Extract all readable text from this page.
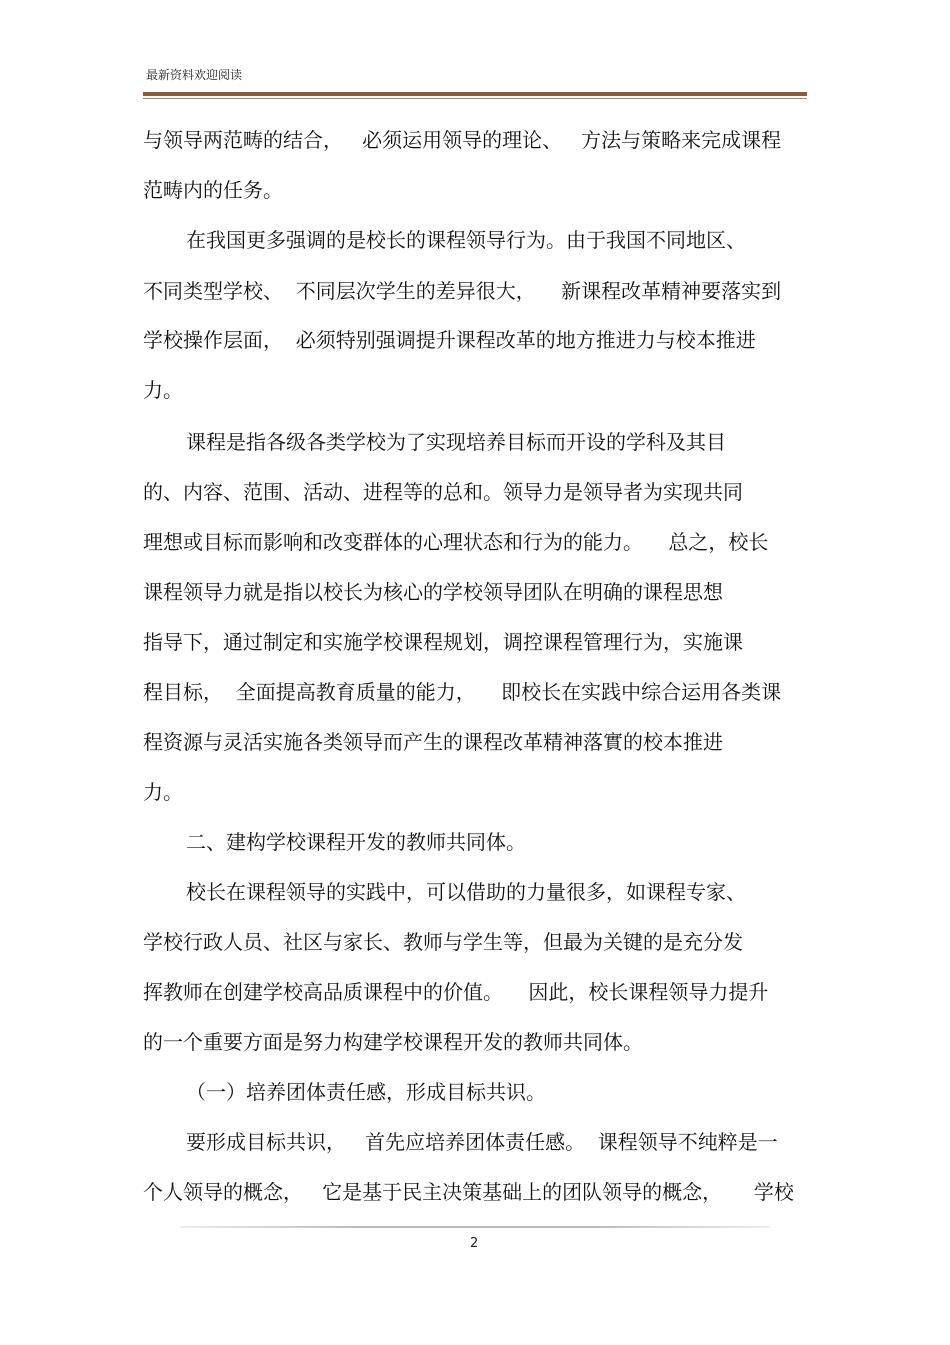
最新资料欢迎阅读
与领导两范畴的结合，   必须运用领导的理论、   方法与策略来完成课程
范畴内的任务。
在我国更多强调的是校长的课程领导行为。由于我国不同地区、
不同类型学校、  不同层次学生的差异很大，    新课程改革精神要落实到
学校操作层面，  必须特别强调提升课程改革的地方推进力与校本推进
力。
课程是指各级各类学校为了实现培养目标而开设的学科及其目
的、内容、范围、活动、进程等的总和。领导力是领导者为实现共同
理想或目标而影响和改变群体的心理状态和行为的能力。    总之，校长
课程领导力就是指以校长为核心的学校领导团队在明确的课程思想
指导下，通过制定和实施学校课程规划，调控课程管理行为，实施课
程目标，  全面提高教育质量的能力，    即校长在实践中综合运用各类课
程资源与灵活实施各类领导而产生的课程改革精神落實的校本推进
力。
二、建构学校课程开发的教师共同体。
校长在课程领导的实践中，可以借助的力量很多，如课程专家、
学校行政人员、社区与家长、教师与学生等，但最为关键的是充分发
挥教师在创建学校高品质课程中的价值。    因此，校长课程领导力提升
的一个重要方面是努力构建学校课程开发的教师共同体。
（一）培养团体责任感，形成目标共识。
要形成目标共识，   首先应培养团体责任感。  课程领导不纯粹是一
个人领导的概念，   它是基于民主决策基础上的团队领导的概念，     学校
2
